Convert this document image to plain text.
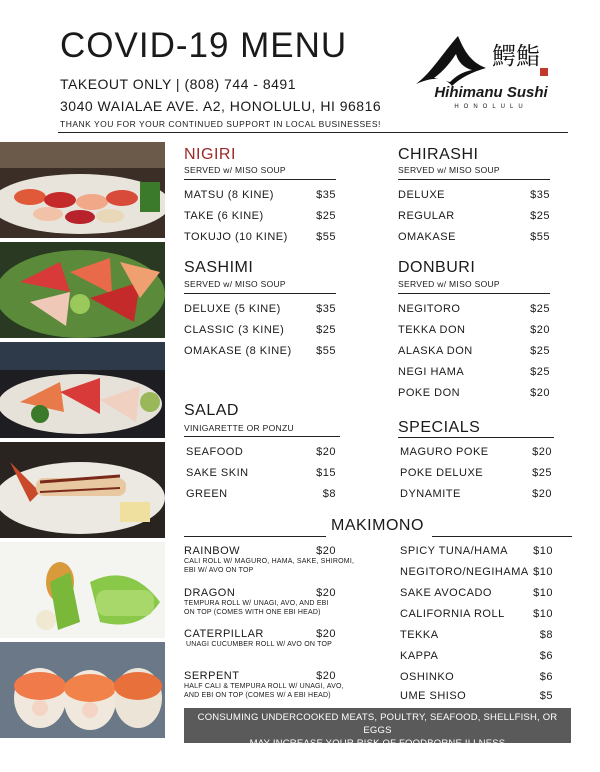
COVID-19 MENU
TAKEOUT ONLY | (808) 744 - 8491
3040 WAIALAE AVE. A2, HONOLULU, HI 96816
THANK YOU FOR YOUR CONTINUED SUPPORT IN LOCAL BUSINESSES!
鰐鮨
Hihimanu Sushi
HONOLULU
NIGIRI
SERVED w/ MISO SOUP
MATSU (8 KINE)	$35
TAKE (6 KINE)	$25
TOKUJO (10 KINE)	$55
SASHIMI
SERVED w/ MISO SOUP
DELUXE (5 KINE)	$35
CLASSIC (3 KINE)	$25
OMAKASE (8 KINE)	$55
SALAD
VINIGARETTE OR PONZU
SEAFOOD	$20
SAKE SKIN	$15
GREEN	$8
CHIRASHI
SERVED w/ MISO SOUP
DELUXE	$35
REGULAR	$25
OMAKASE	$55
DONBURI
SERVED w/ MISO SOUP
NEGITORO	$25
TEKKA DON	$20
ALASKA DON	$25
NEGI HAMA	$25
POKE DON	$20
SPECIALS
MAGURO POKE	$20
POKE DELUXE	$25
DYNAMITE	$20
MAKIMONO
RAINBOW	$20
CALI ROLL W/ MAGURO, HAMA, SAKE, SHIROMI,
EBI W/ AVO ON TOP
DRAGON	$20
TEMPURA ROLL W/ UNAGI, AVO, AND EBI
ON TOP (COMES WITH ONE EBI HEAD)
CATERPILLAR	$20
UNAGI CUCUMBER ROLL W/ AVO ON TOP
SERPENT	$20
HALF CALI & TEMPURA ROLL W/ UNAGI, AVO,
AND EBI ON TOP (COMES W/ A EBI HEAD)
SPICY TUNA/HAMA	$10
NEGITORO/NEGIHAMA $10
SAKE AVOCADO	$10
CALIFORNIA ROLL	$10
TEKKA	$8
KAPPA	$6
OSHINKO	$6
UME SHISO	$5
CONSUMING UNDERCOOKED MEATS, POULTRY, SEAFOOD, SHELLFISH, OR EGGS
MAY INCREASE YOUR RISK OF FOODBORNE ILLNESS
